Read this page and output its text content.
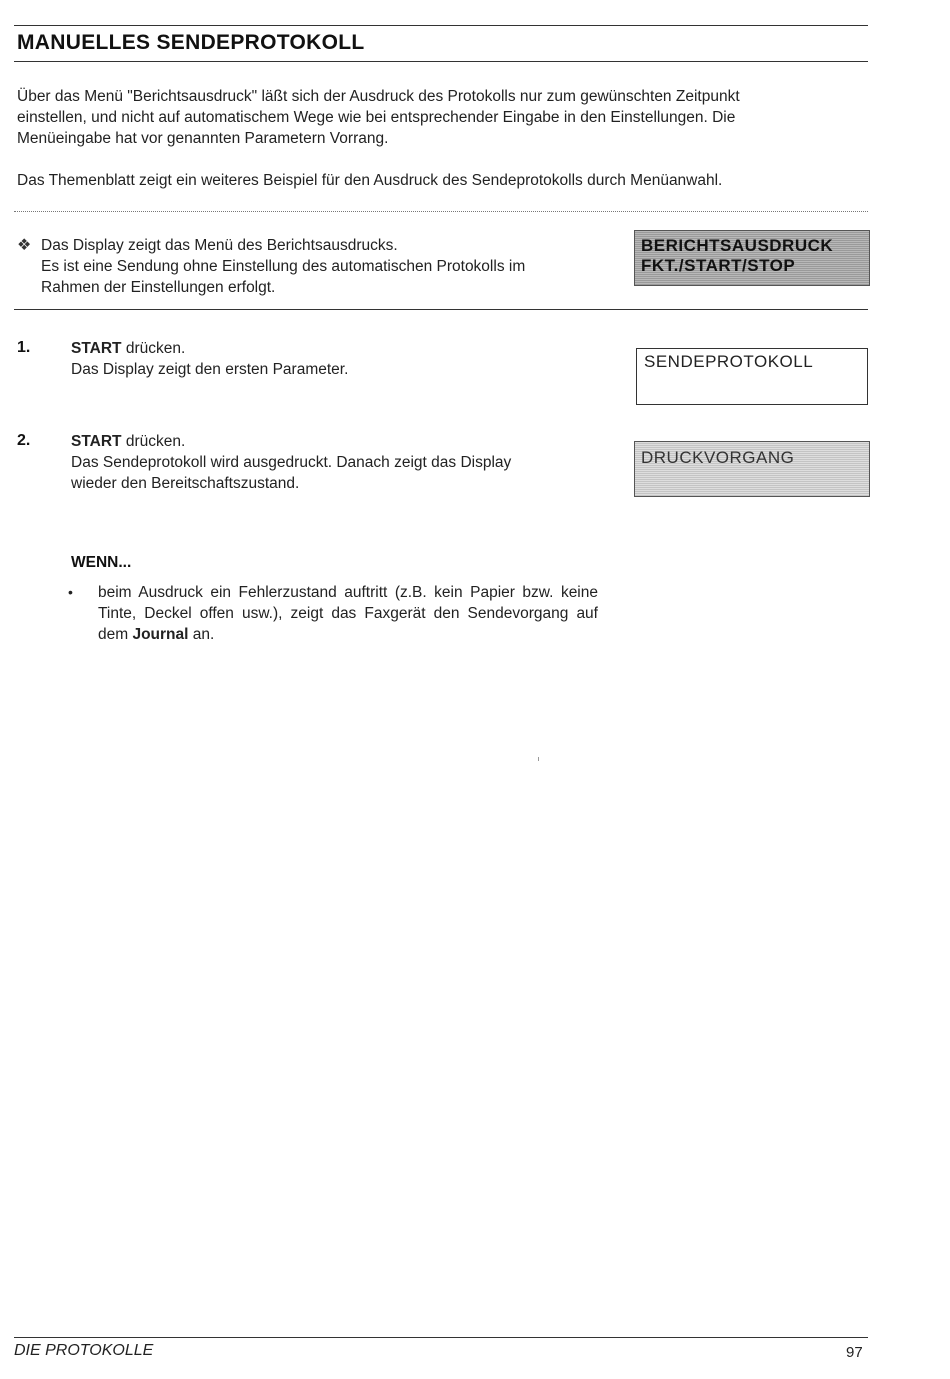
MANUELLES SENDEPROTOKOLL
Über das Menü "Berichtsausdruck" läßt sich der Ausdruck des Protokolls nur zum gewünschten Zeitpunkt
einstellen, und nicht auf automatischem Wege wie bei entsprechender Eingabe in den Einstellungen. Die
Menüeingabe hat vor genannten Parametern Vorrang.
Das Themenblatt zeigt ein weiteres Beispiel für den Ausdruck des Sendeprotokolls durch Menüanwahl.
❖ Das Display zeigt das Menü des Berichtsausdrucks.
Es ist eine Sendung ohne Einstellung des automatischen Protokolls im
Rahmen der Einstellungen erfolgt.
BERICHTSAUSDRUCK
FKT./START/STOP
1.	START drücken.
Das Display zeigt den ersten Parameter.	SENDEPROTOKOLL
2.	START drücken.
Das Sendeprotokoll wird ausgedruckt. Danach zeigt das Display
wieder den Bereitschaftszustand.
DRUCKVORGANG
WENN...
• beim Ausdruck ein Fehlerzustand auftritt (z.B. kein Papier bzw. keine Tinte, Deckel offen usw.), zeigt das Faxgerät den Sendevorgang auf dem Journal an.
DIE PROTOKOLLE	97
